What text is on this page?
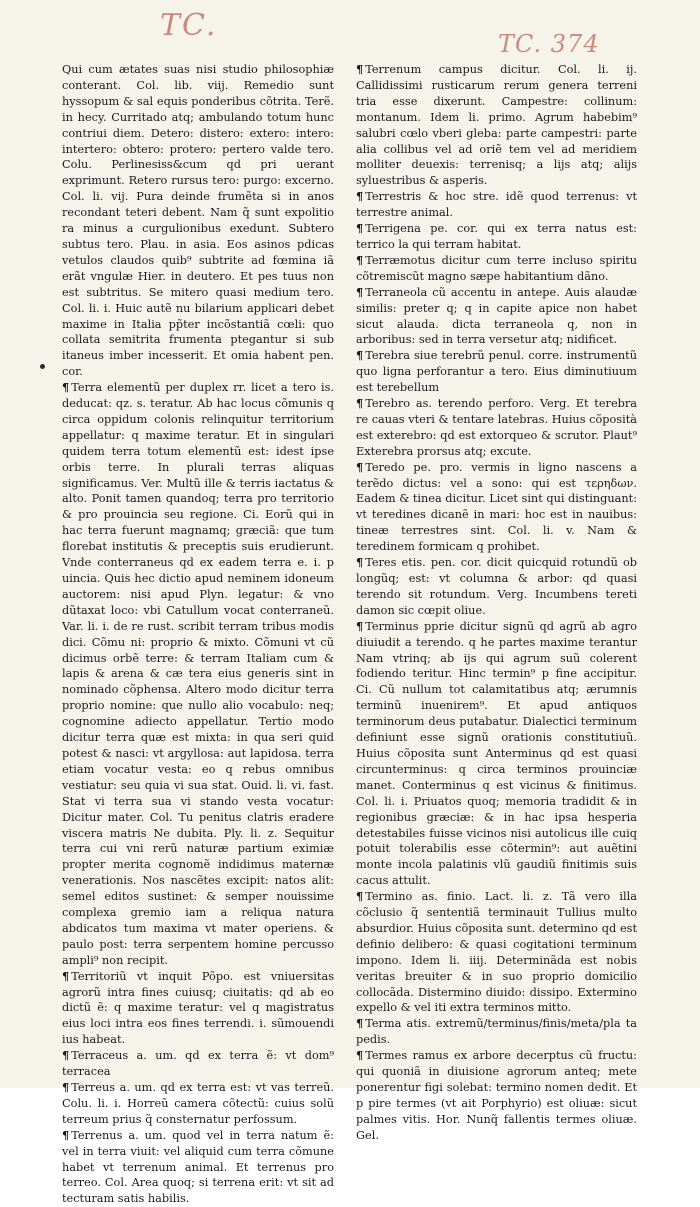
TC.
TC. 374

Qui cum ætates suas nisi studio philosophiæ conterant. Col. lib. viij. Remedio sunt hyssopum & sal equis ponderibus cõtrita. Terẽ. in hecy. Curritado atq; ambulando totum hunc contriui diem. Detero: distero: extero: intero: intertero: obtero: protero: pertero valde tero. Colu. Perlinesiss&cum qd pri uerant exprimunt. Retero rursus tero: purgo: excerno. Col. li. vij. Pura deinde frumẽta si in anos recondant teteri debent. Nam q̃ sunt expolitio ra minus a curgulionibus exedunt. Subtero subtus tero. Plau. in asia. Eos asinos pdicas vetulos claudos quib⁹ subtrite ad fœmina iã erãt vngulæ Hier. in deutero. Et pes tuus non est subtritus. Se mitero quasi medium tero. Col. li. i. Huic autẽ nu bilarium applicari debet maxime in Italia pp̃ter incõstantiã cœli: quo collata semitrita frumenta ptegantur si sub itaneus imber incesserit. Et omia habent pen. cor.

¶ Terra elementũ per duplex rr. licet a tero is. deducat: qz. s. teratur. Ab hac locus cõmunis q circa oppidum colonis relinquitur territorium appellatur: q maxime teratur. Et in singulari quidem terra totum elementũ est: idest ipse orbis terre. In plurali terras aliquas significamus. Ver. Multũ ille & terris iactatus & alto. Ponit tamen quandoq; terra pro territorio & pro prouincia seu regione. Ci. Eorũ qui in hac terra fuerunt magnamq; græciã: que tum florebat institutis & preceptis suis erudierunt. Vnde conterraneus qd ex eadem terra e. i. p uincia. Quis hec dictio apud neminem idoneum auctorem: nisi apud Plyn. legatur: & vno dũtaxat loco: vbi Catullum vocat conterraneũ. Var. li. i. de re rust. scribit terram tribus modis dici. Cõmu ni: proprio & mixto. Cõmuni vt cũ dicimus orbẽ terre: & terram Italiam cum & lapis & arena & cæ tera eius generis sint in nominado cõphensa. Altero modo dicitur terra proprio nomine: que nullo alio vocabulo: neq; cognomine adiecto appellatur. Tertio modo dicitur terra quæ est mixta: in qua seri quid potest & nasci: vt argyllosa: aut lapidosa. terra etiam vocatur vesta: eo q rebus omnibus vestiatur: seu quia vi sua stat. Ouid. li. vi. fast. Stat vi terra sua vi stando vesta vocatur: Dicitur mater. Col. Tu penitus clatris eradere viscera matris Ne dubita. Ply. li. z. Sequitur terra cui vni rerũ naturæ partium eximiæ propter merita cognomẽ indidimus maternæ venerationis. Nos nascẽtes excipit: natos alit: semel editos sustinet: & semper nouissime complexa gremio iam a reliqua natura abdicatos tum maxima vt mater operiens. & paulo post: terra serpentem homine percusso ampli⁹ non recipit.

¶ Territoriũ vt inquit Põpo. est vniuersitas agrorũ intra fines cuiusq; ciuitatis: qd ab eo dictũ ẽ: q maxime teratur: vel q magistratus eius loci intra eos fines terrendi. i. sũmouendi ius habeat.

¶ Terraceus a. um. qd ex terra ẽ: vt dom⁹ terracea

¶ Terreus a. um. qd ex terra est: vt vas terreũ. Colu. li. i. Horreũ camera cõtectũ: cuius solũ terreum prius q̃ consternatur perfossum.

¶ Terrenus a. um. quod vel in terra natum ẽ: vel in terra viuit: vel aliquid cum terra cõmune habet vt terrenum animal. Et terrenus pro terreo. Col. Area quoq; si terrena erit: vt sit ad tecturam satis habilis.

¶ Terrenum campus dicitur. Col. li. ij. Callidissimi rusticarum rerum genera terreni tria esse dixerunt. Campestre: collinum: montanum. Idem li. primo. Agrum habebim⁹ salubri cœlo vberi gleba: parte campestri: parte alia collibus vel ad oriẽ tem vel ad meridiem molliter deuexis: terrenisq; a lijs atq; alijs syluestribus & asperis.

¶ Terrestris & hoc stre. idẽ quod terrenus: vt terrestre animal.

¶ Terrigena pe. cor. qui ex terra natus est: terrico la qui terram habitat.

¶ Terræmotus dicitur cum terre incluso spiritu cõtremiscũt magno sæpe habitantium dãno.

¶ Terraneola cũ accentu in antepe. Auis alaudæ similis: preter q; q in capite apice non habet sicut alauda. dicta terraneola q, non in arboribus: sed in terra versetur atq; nidificet.

¶ Terebra siue terebrũ penul. corre. instrumentũ quo ligna perforantur a tero. Eius diminutiuum est terebellum

¶ Terebro as. terendo perforo. Verg. Et terebra re cauas vteri & tentare latebras. Huius cõposità est exterebro: qd est extorqueo & scrutor. Plaut⁹ Exterebra prorsus atq; excute.

¶ Teredo pe. pro. vermis in ligno nascens a terẽdo dictus: vel a sono: qui est τερηδων. Eadem & tinea dicitur. Licet sint qui distinguant: vt teredines dicanẽ in mari: hoc est in nauibus: tineæ terrestres sint. Col. li. v. Nam & teredinem formicam q prohibet.

¶ Teres etis. pen. cor. dicit quicquid rotundũ ob longũq; est: vt columna & arbor: qd quasi terendo sit rotundum. Verg. Incumbens tereti damon sic cœpit oliue.

¶ Terminus pprie dicitur signũ qd agrũ ab agro diuiudit a terendo. q he partes maxime terantur Nam vtrinq; ab ijs qui agrum suũ colerent fodiendo teritur. Hinc termin⁹ p fine accipitur. Ci. Cũ nullum tot calamitatibus atq; ærumnis terminũ inuenirem⁹. Et apud antiquos terminorum deus putabatur. Dialectici terminum definiunt esse signũ orationis constitutiuũ. Huius cõposita sunt Anterminus qd est quasi circunterminus: q circa terminos prouinciæ manet. Conterminus q est vicinus & finitimus. Col. li. i. Priuatos quoq; memoria tradidit & in regionibus græciæ: & in hac ipsa hesperia detestabiles fuisse vicinos nisi autolicus ille cuiq potuit tolerabilis esse cõtermin⁹: aut auẽtini monte incola palatinis vlũ gaudiũ finitimis suis cacus attulit.

¶ Termino as. finio. Lact. li. z. Tã vero illa cõclusio q̃ sententiã terminauit Tullius multo absurdior. Huius cõposita sunt. determino qd est definio delibero: & quasi cogitationi terminum impono. Idem li. iiij. Determinãda est nobis veritas breuiter & in suo proprio domicilio collocãda. Distermino diuido: dissipo. Extermino expello & vel iti extra terminos mitto.

¶ Terma atis. extremũ/terminus/finis/meta/pla ta pedis.

¶ Termes ramus ex arbore decerptus cũ fructu: qui quoniã in diuisione agrorum anteq; mete ponerentur figi solebat: termino nomen dedit. Et p pire termes (vt ait Porphyrio) est oliuæ: sicut palmes vitis. Hor. Nunq̃ fallentis termes oliuæ. Gel.
